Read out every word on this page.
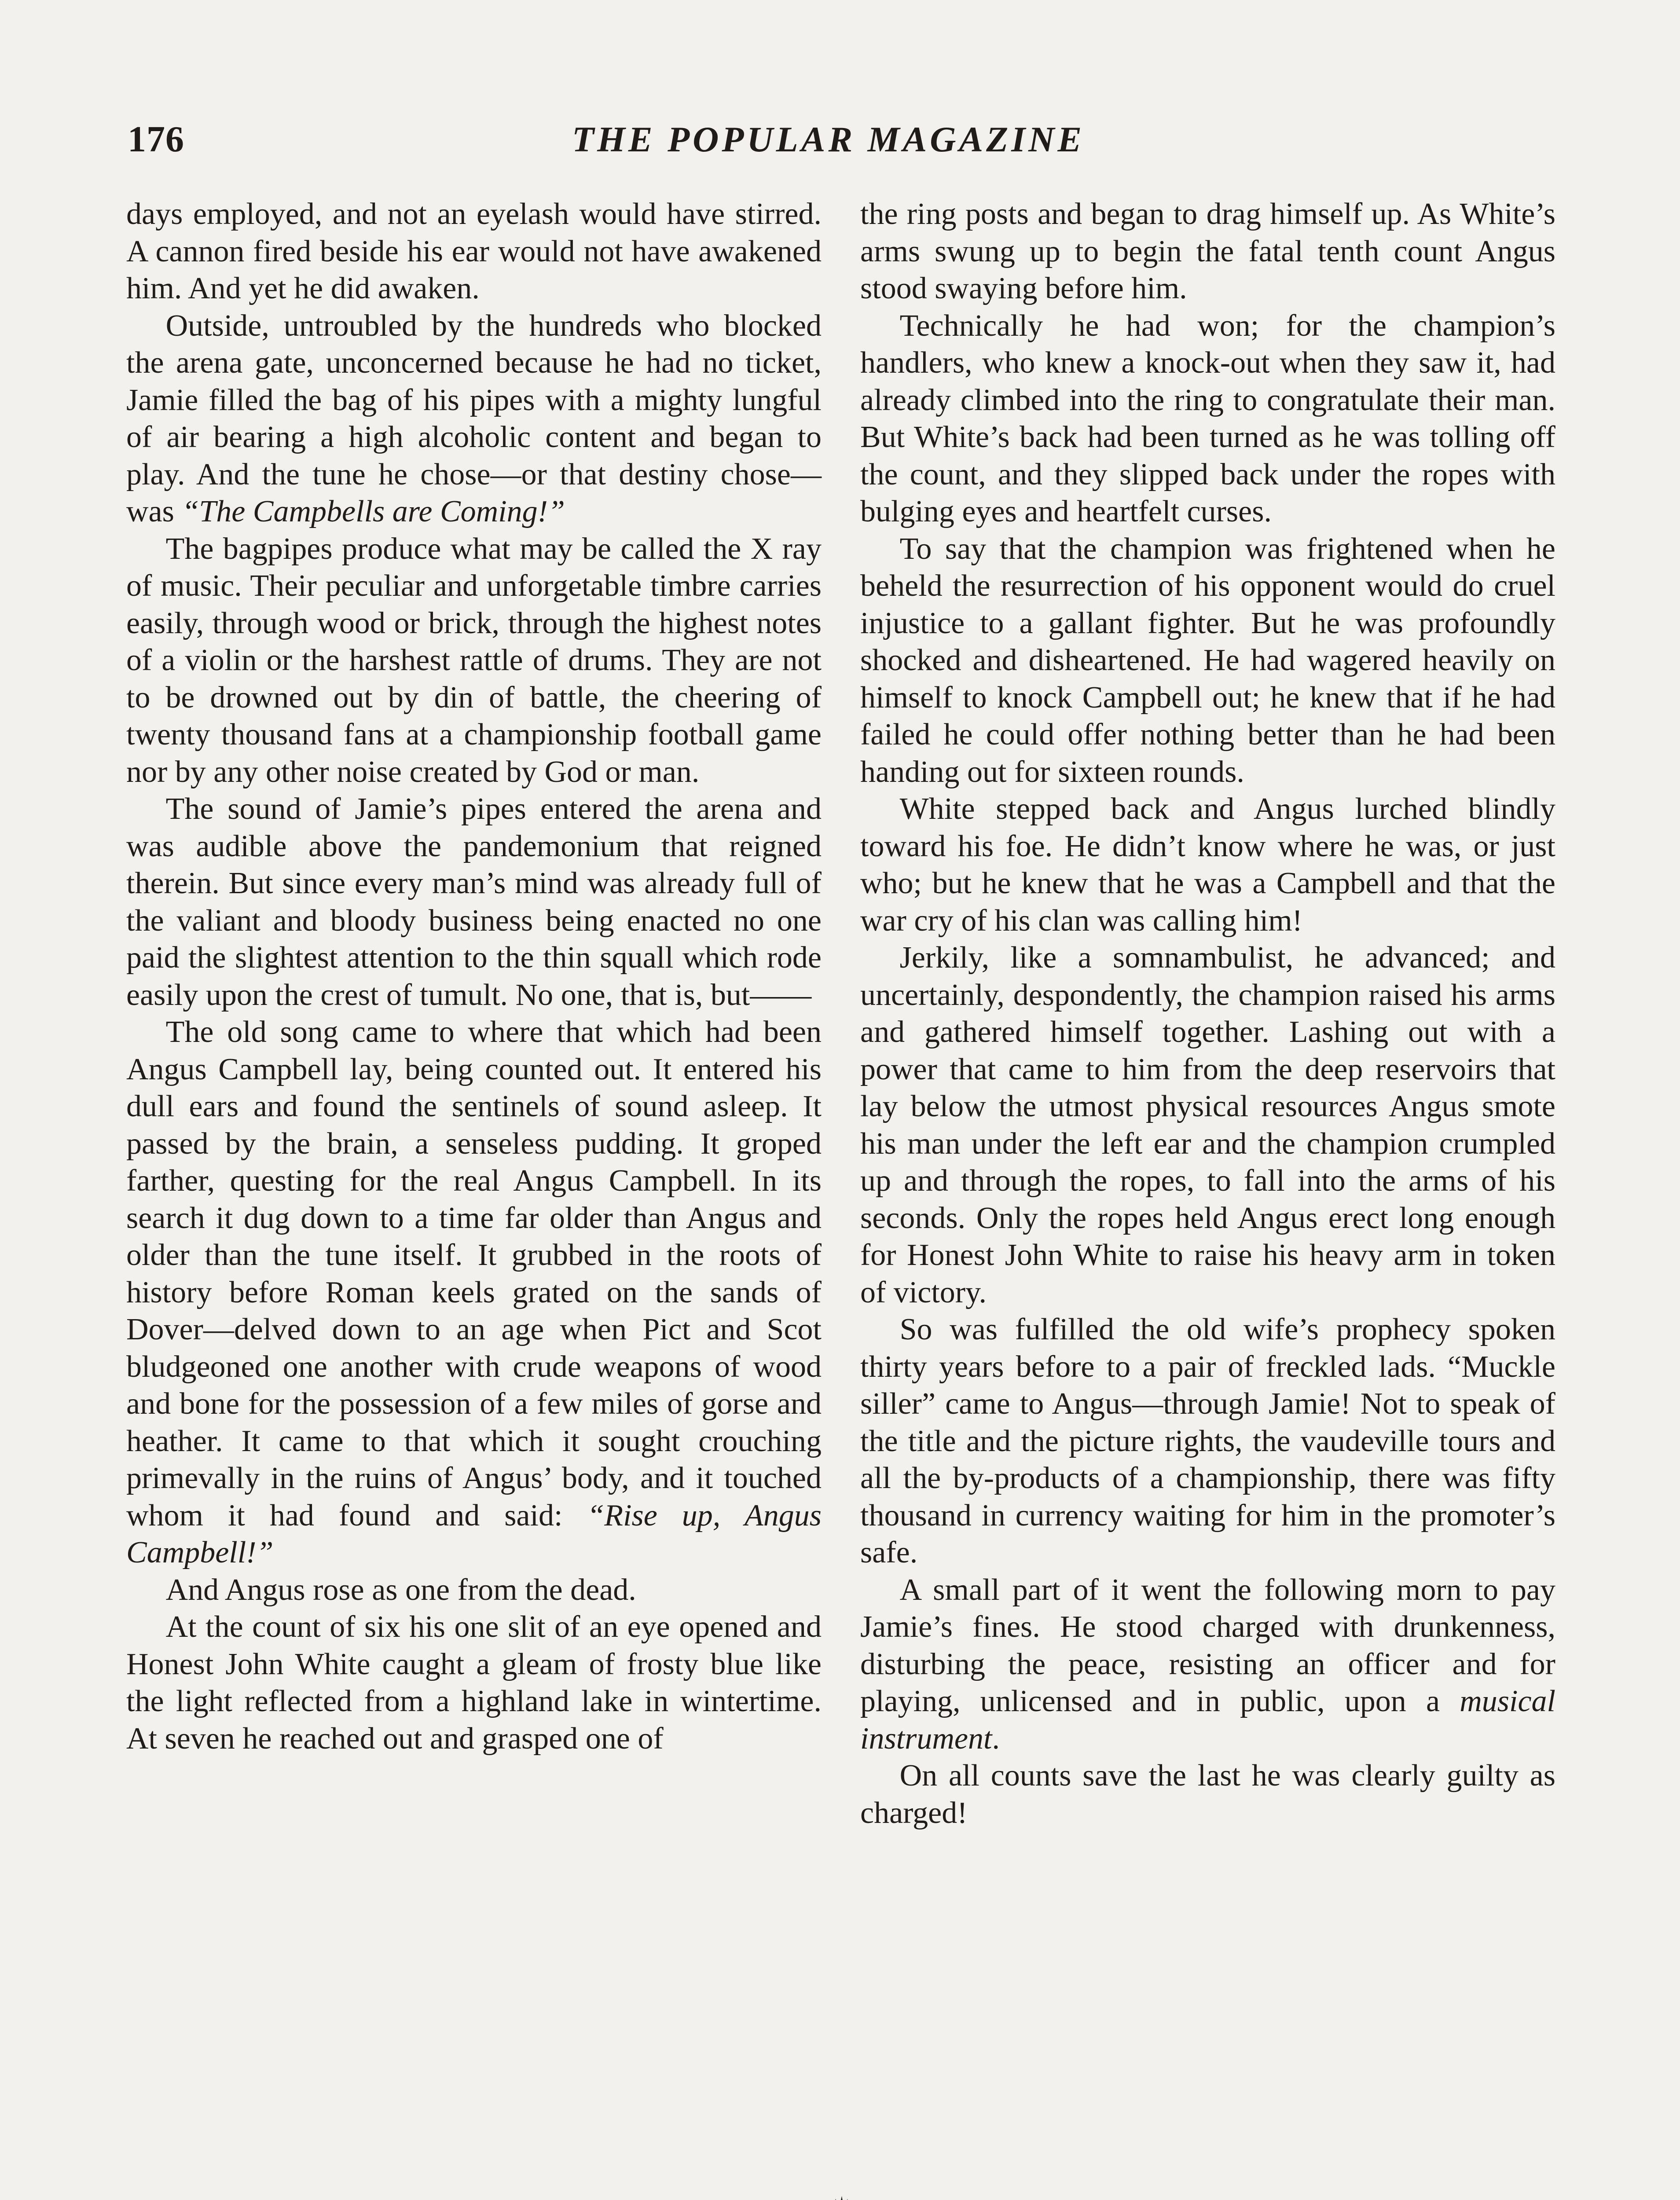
176	THE POPULAR MAGAZINE

days employed, and not an eyelash would have stirred. A cannon fired beside his ear would not have awakened him. And yet he did awaken.

Outside, untroubled by the hundreds who blocked the arena gate, unconcerned because he had no ticket, Jamie filled the bag of his pipes with a mighty lungful of air bearing a high alcoholic content and began to play. And the tune he chose—or that destiny chose—was “The Campbells are Coming!”

The bagpipes produce what may be called the X ray of music. Their peculiar and unforgetable timbre carries easily, through wood or brick, through the highest notes of a violin or the harshest rattle of drums. They are not to be drowned out by din of battle, the cheering of twenty thousand fans at a championship football game nor by any other noise created by God or man.

The sound of Jamie’s pipes entered the arena and was audible above the pandemonium that reigned therein. But since every man’s mind was already full of the valiant and bloody business being enacted no one paid the slightest attention to the thin squall which rode easily upon the crest of tumult. No one, that is, but——

The old song came to where that which had been Angus Campbell lay, being counted out. It entered his dull ears and found the sentinels of sound asleep. It passed by the brain, a senseless pudding. It groped farther, questing for the real Angus Campbell. In its search it dug down to a time far older than Angus and older than the tune itself. It grubbed in the roots of history before Roman keels grated on the sands of Dover—delved down to an age when Pict and Scot bludgeoned one another with crude weapons of wood and bone for the possession of a few miles of gorse and heather. It came to that which it sought crouching primevally in the ruins of Angus’ body, and it touched whom it had found and said: “Rise up, Angus Campbell!”

And Angus rose as one from the dead.

At the count of six his one slit of an eye opened and Honest John White caught a gleam of frosty blue like the light reflected from a highland lake in wintertime. At seven he reached out and grasped one of

the ring posts and began to drag himself up. As White’s arms swung up to begin the fatal tenth count Angus stood swaying before him.

Technically he had won; for the champion’s handlers, who knew a knock-out when they saw it, had already climbed into the ring to congratulate their man. But White’s back had been turned as he was tolling off the count, and they slipped back under the ropes with bulging eyes and heartfelt curses.

To say that the champion was frightened when he beheld the resurrection of his opponent would do cruel injustice to a gallant fighter. But he was profoundly shocked and disheartened. He had wagered heavily on himself to knock Campbell out; he knew that if he had failed he could offer nothing better than he had been handing out for sixteen rounds.

White stepped back and Angus lurched blindly toward his foe. He didn’t know where he was, or just who; but he knew that he was a Campbell and that the war cry of his clan was calling him!

Jerkily, like a somnambulist, he advanced; and uncertainly, despondently, the champion raised his arms and gathered himself together. Lashing out with a power that came to him from the deep reservoirs that lay below the utmost physical resources Angus smote his man under the left ear and the champion crumpled up and through the ropes, to fall into the arms of his seconds. Only the ropes held Angus erect long enough for Honest John White to raise his heavy arm in token of victory.

So was fulfilled the old wife’s prophecy spoken thirty years before to a pair of freckled lads. “Muckle siller” came to Angus—through Jamie! Not to speak of the title and the picture rights, the vaudeville tours and all the by-products of a championship, there was fifty thousand in currency waiting for him in the promoter’s safe.

A small part of it went the following morn to pay Jamie’s fines. He stood charged with drunkenness, disturbing the peace, resisting an officer and for playing, unlicensed and in public, upon a musical instrument.

On all counts save the last he was clearly guilty as charged!
